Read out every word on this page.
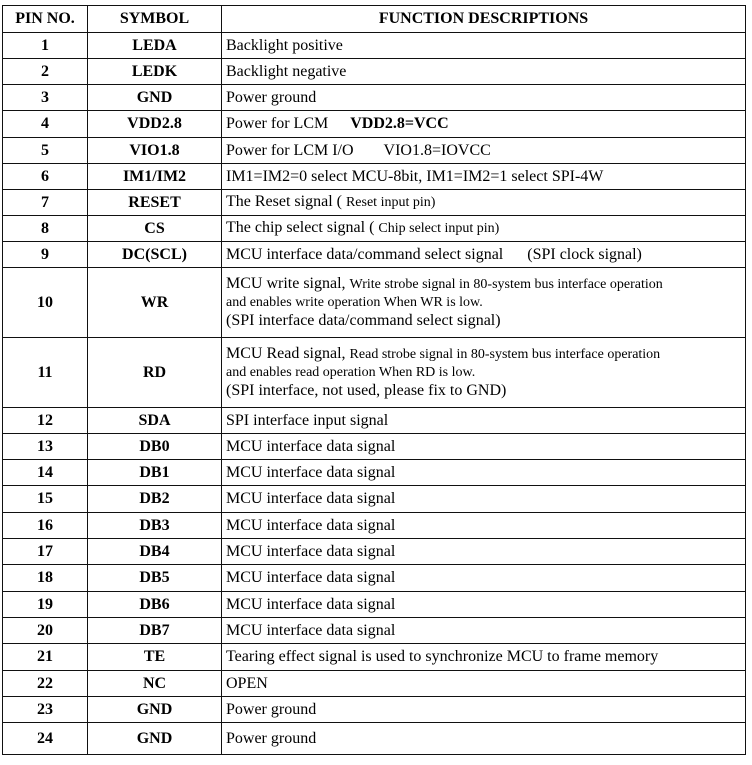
PIN NO.	SYMBOL	FUNCTION DESCRIPTIONS
1	LEDA	Backlight positive
2	LEDK	Backlight negative
3	GND	Power ground
4	VDD2.8	Power for LCM VDD2.8=VCC
5	VIO1.8	Power for LCM I/O VIO1.8=IOVCC
6	IM1/IM2	IM1=IM2=0 select MCU-8bit, IM1=IM2=1 select SPI-4W
7	RESET	The Reset signal ( Reset input pin)
8	CS	The chip select signal ( Chip select input pin)
9	DC(SCL)	MCU interface data/command select signal (SPI clock signal)
10	WR	MCU write signal, Write strobe signal in 80-system bus interface operation
and enables write operation When WR is low.
(SPI interface data/command select signal)

11	RD	MCU Read signal, Read strobe signal in 80-system bus interface operation
and enables read operation When RD is low.
(SPI interface, not used, please fix to GND)

12	SDA	SPI interface input signal
13	DB0	MCU interface data signal
14	DB1	MCU interface data signal
15	DB2	MCU interface data signal
16	DB3	MCU interface data signal
17	DB4	MCU interface data signal
18	DB5	MCU interface data signal
19	DB6	MCU interface data signal
20	DB7	MCU interface data signal
21	TE	Tearing effect signal is used to synchronize MCU to frame memory
22	NC	OPEN
23	GND	Power ground
24	GND	Power ground
